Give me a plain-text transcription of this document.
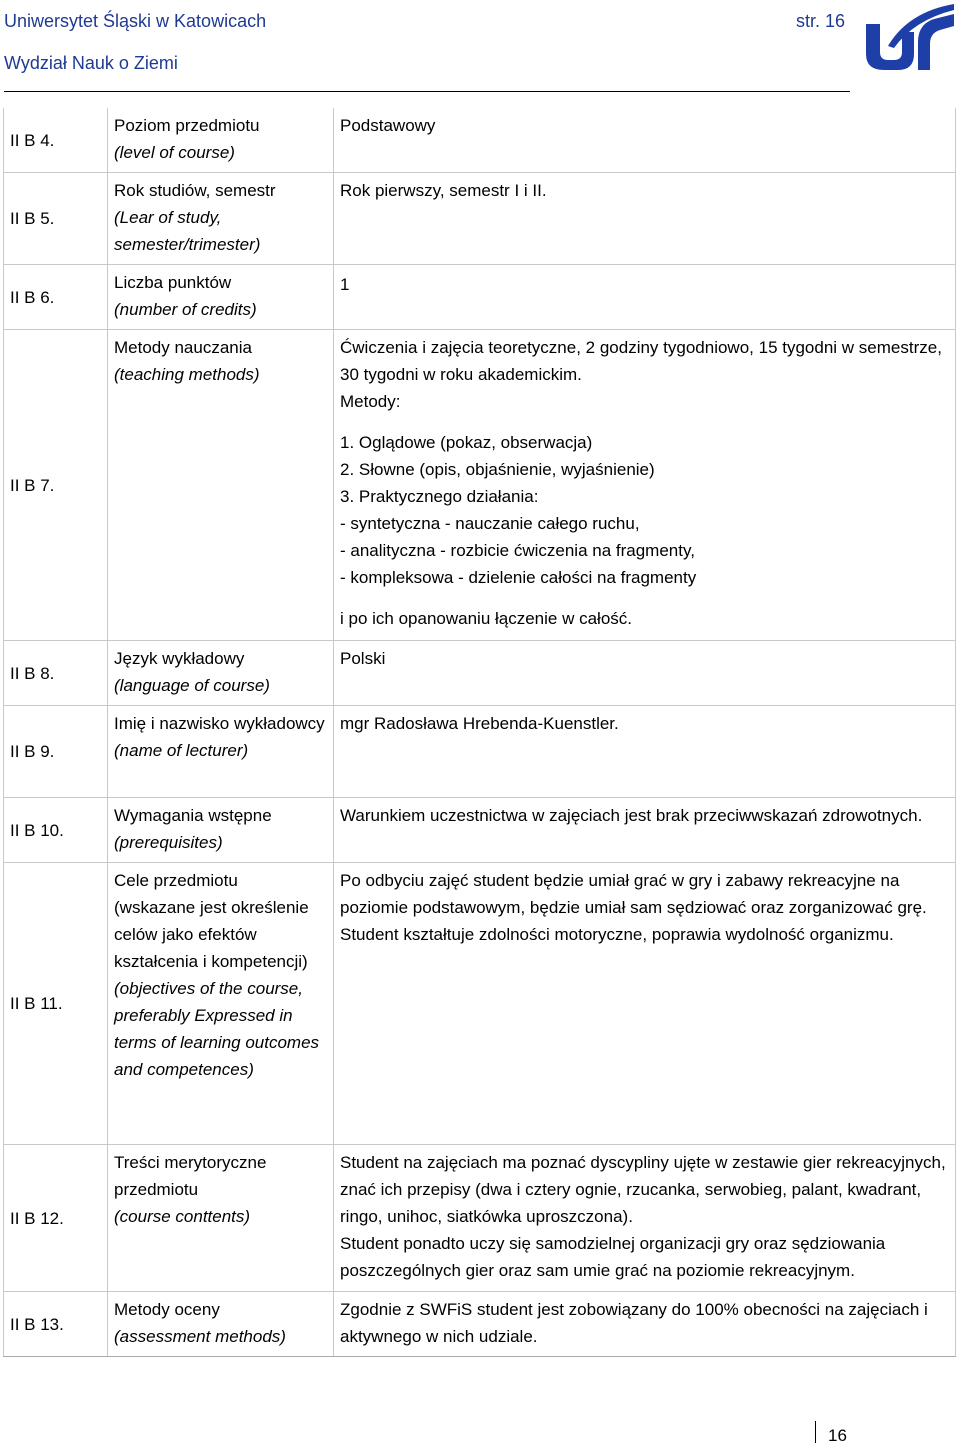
Uniwersytet Śląski w Katowicach
Wydział Nauk o Ziemi
str. 16
II B 4.
Poziom przedmiotu
(level of course)
Podstawowy
II B 5.
Rok studiów, semestr
(Lear of study, semester/trimester)
Rok pierwszy, semestr I i II.
II B 6.
Liczba punktów
(number of credits)
1
II B 7.
Metody nauczania
(teaching methods)
Ćwiczenia i zajęcia teoretyczne, 2 godziny tygodniowo, 15 tygodni w semestrze, 30 tygodni w roku akademickim.
Metody:
1. Oglądowe (pokaz, obserwacja)
2. Słowne (opis, objaśnienie, wyjaśnienie)
3. Praktycznego działania:
- syntetyczna - nauczanie całego ruchu,
- analityczna - rozbicie ćwiczenia na fragmenty,
- kompleksowa - dzielenie całości na fragmenty
i po ich opanowaniu łączenie w całość.
II B 8.
Język wykładowy
(language of course)
Polski
II B 9.
Imię i nazwisko wykładowcy
(name of lecturer)
mgr Radosława Hrebenda-Kuenstler.
II B 10.
Wymagania wstępne
(prerequisites)
Warunkiem uczestnictwa w zajęciach jest brak przeciwwskazań zdrowotnych.
II B 11.
Cele przedmiotu
(wskazane jest określenie celów jako efektów kształcenia i kompetencji)
(objectives of the course, preferably Expressed in terms of learning outcomes and competences)
Po odbyciu zajęć student będzie umiał grać w gry i zabawy rekreacyjne na poziomie podstawowym, będzie umiał sam sędziować oraz zorganizować grę.
Student kształtuje zdolności motoryczne, poprawia wydolność organizmu.
II B 12.
Treści merytoryczne przedmiotu
(course conttents)
Student na zajęciach ma poznać dyscypliny ujęte w zestawie gier rekreacyjnych, znać ich przepisy (dwa i cztery ognie, rzucanka, serwobieg, palant, kwadrant, ringo, unihoc, siatkówka uproszczona).
Student ponadto uczy się samodzielnej organizacji gry oraz sędziowania poszczególnych gier oraz sam umie grać na poziomie rekreacyjnym.
II B 13.
Metody oceny
(assessment methods)
Zgodnie z SWFiS student jest zobowiązany do 100% obecności na zajęciach i aktywnego w nich udziale.
16
